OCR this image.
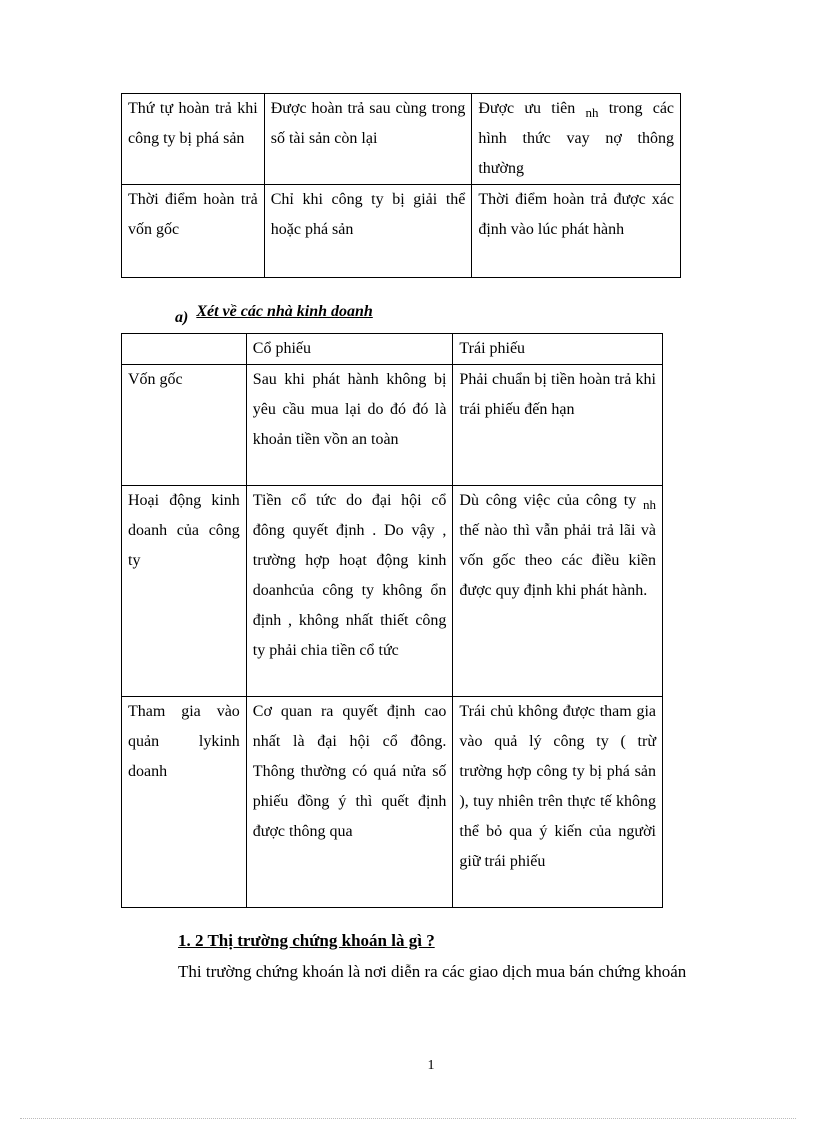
Thứ tự hoàn trả khi công ty bị phá sản	Được hoàn trả sau cùng trong số tài sản còn lại	Được ưu tiên $_{nh}$ trong các hình thức vay nợ thông thường
Thời điểm hoàn trả vốn gốc	Chỉ khi công ty bị giải thể hoặc phá sản	Thời điểm hoàn trả được xác định vào lúc phát hành
a) Xét về các nhà kinh doanh
	Cổ phiếu	Trái phiếu
Vốn gốc	Sau khi phát hành không bị yêu cầu mua lại do đó đó là khoản tiền vồn an toàn	Phải chuẩn bị tiền hoàn trả khi trái phiếu đến hạn
Hoại động kinh doanh của công ty	Tiền cổ tức do đại hội cổ đông quyết định . Do vậy , trường hợp hoạt động kinh doanhcủa công ty không ổn định , không nhất thiết công ty phải chia tiền cổ tức	Dù công việc của công ty $_{nh}$ thế nào thì vẫn phải trả lãi và vốn gốc theo các điều kiền được quy định khi phát hành.
Tham gia vào quản lykinh doanh	Cơ quan ra quyết định cao nhất là đại hội cổ đông. Thông thường có quá nửa số phiếu đồng ý thì quết định được thông qua	Trái chủ không được tham gia vào quả lý công ty ( trừ trường hợp công ty bị phá sản ), tuy nhiên trên thực tế không thể bỏ qua ý kiến của người giữ trái phiếu
1. 2 Thị trường chứng khoán là gì ?
Thi trường chứng khoán là nơi diễn ra các giao dịch mua bán chứng khoán
1
